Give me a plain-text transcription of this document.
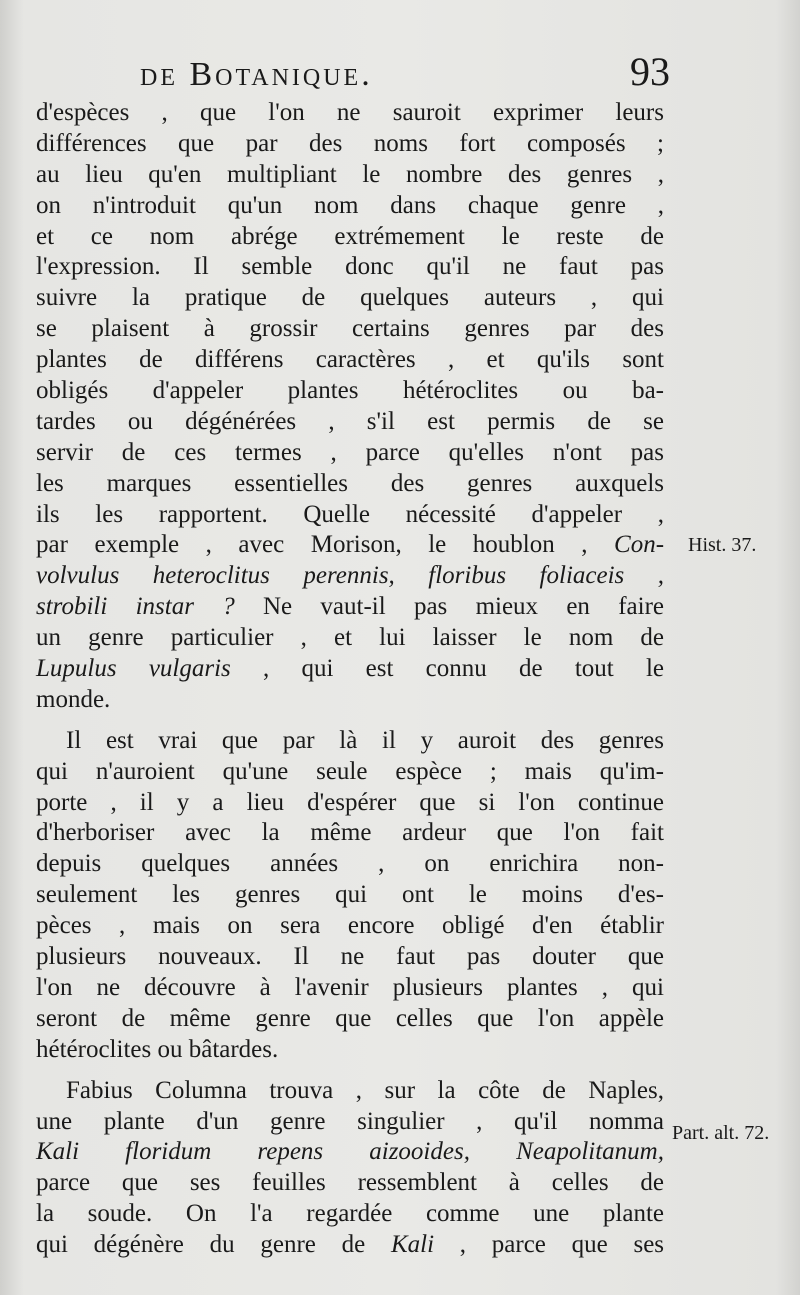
de Botanique.	93
d'espèces , que l'on ne sauroit exprimer leurs
différences que par des noms fort composés ;
au lieu qu'en multipliant le nombre des genres ,
on n'introduit qu'un nom dans chaque genre ,
et ce nom abrége extrémement le reste de
l'expression. Il semble donc qu'il ne faut pas
suivre la pratique de quelques auteurs , qui
se plaisent à grossir certains genres par des
plantes de différens caractères , et qu'ils sont
obligés d'appeler plantes hétéroclites ou ba-
tardes ou dégénérées , s'il est permis de se
servir de ces termes , parce qu'elles n'ont pas
les marques essentielles des genres auxquels
ils les rapportent. Quelle nécessité d'appeler ,
par exemple , avec Morison, le houblon , Con-
volvulus heteroclitus perennis, floribus foliaceis ,
strobili instar ? Ne vaut-il pas mieux en faire
un genre particulier , et lui laisser le nom de
Lupulus vulgaris , qui est connu de tout le
monde.
Il est vrai que par là il y auroit des genres
qui n'auroient qu'une seule espèce ; mais qu'im-
porte , il y a lieu d'espérer que si l'on continue
d'herboriser avec la même ardeur que l'on fait
depuis quelques années , on enrichira non-
seulement les genres qui ont le moins d'es-
pèces , mais on sera encore obligé d'en établir
plusieurs nouveaux. Il ne faut pas douter que
l'on ne découvre à l'avenir plusieurs plantes , qui
seront de même genre que celles que l'on appèle
hétéroclites ou bâtardes.
Fabius Columna trouva , sur la côte de Naples,
une plante d'un genre singulier , qu'il nomma
Kali floridum repens aizooides, Neapolitanum,
parce que ses feuilles ressemblent à celles de
la soude. On l'a regardée comme une plante
qui dégénère du genre de Kali , parce que ses
Hist. 37.
Part. alt. 72.
